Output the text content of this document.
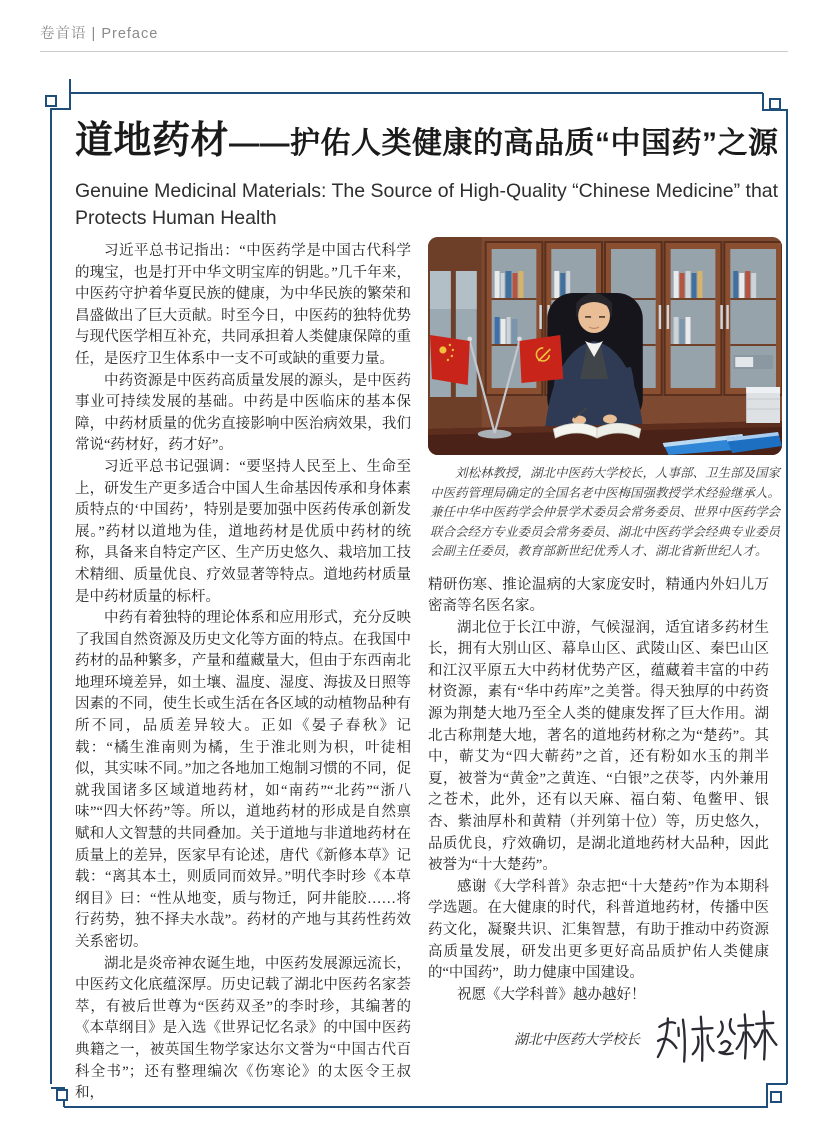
卷首语 | Preface
道地药材——护佑人类健康的高品质“中国药”之源
Genuine Medicinal Materials: The Source of High-Quality “Chinese Medicine” that Protects Human Health

习近平总书记指出：“中医药学是中国古代科学的瑰宝，也是打开中华文明宝库的钥匙。”几千年来，中医药守护着华夏民族的健康，为中华民族的繁荣和昌盛做出了巨大贡献。时至今日，中医药的独特优势与现代医学相互补充，共同承担着人类健康保障的重任，是医疗卫生体系中一支不可或缺的重要力量。

中药资源是中医药高质量发展的源头，是中医药事业可持续发展的基础。中药是中医临床的基本保障，中药材质量的优劣直接影响中医治病效果，我们常说“药材好，药才好”。

习近平总书记强调：“要坚持人民至上、生命至上，研发生产更多适合中国人生命基因传承和身体素质特点的‘中国药’，特别是要加强中医药传承创新发展。”药材以道地为佳，道地药材是优质中药材的统称，具备来自特定产区、生产历史悠久、栽培加工技术精细、质量优良、疗效显著等特点。道地药材质量是中药材质量的标杆。

中药有着独特的理论体系和应用形式，充分反映了我国自然资源及历史文化等方面的特点。在我国中药材的品种繁多，产量和蕴藏量大，但由于东西南北地理环境差异，如土壤、温度、湿度、海拔及日照等因素的不同，使生长或生活在各区域的动植物品种有所不同，品质差异较大。正如《晏子春秋》记载：“橘生淮南则为橘，生于淮北则为枳，叶徒相似，其实味不同。”加之各地加工炮制习惯的不同，促就我国诸多区域道地药材，如“南药”“北药”“浙八味”“四大怀药”等。所以，道地药材的形成是自然禀赋和人文智慧的共同叠加。关于道地与非道地药材在质量上的差异，医家早有论述，唐代《新修本草》记载：“离其本土，则质同而效异。”明代李时珍《本草纲目》曰：“性从地变，质与物迁，阿井能胶……将行药势，独不择夫水哉”。药材的产地与其药性药效关系密切。

湖北是炎帝神农诞生地，中医药发展源远流长，中医药文化底蕴深厚。历史记载了湖北中医药名家荟萃，有被后世尊为“医药双圣”的李时珍，其编著的《本草纲目》是入选《世界记忆名录》的中国中医药典籍之一，被英国生物学家达尔文誉为“中国古代百科全书”；还有整理编次《伤寒论》的太医令王叔和，

刘松林教授，湖北中医药大学校长，人事部、卫生部及国家中医药管理局确定的全国名老中医梅国强教授学术经验继承人。兼任中华中医药学会仲景学术委员会常务委员、世界中医药学会联合会经方专业委员会常务委员、湖北中医药学会经典专业委员会副主任委员，教育部新世纪优秀人才、湖北省新世纪人才。

精研伤寒、推论温病的大家庞安时，精通内外妇儿万密斋等名医名家。

湖北位于长江中游，气候湿润，适宜诸多药材生长，拥有大别山区、幕阜山区、武陵山区、秦巴山区和江汉平原五大中药材优势产区，蕴藏着丰富的中药材资源，素有“华中药库”之美誉。得天独厚的中药资源为荆楚大地乃至全人类的健康发挥了巨大作用。湖北古称荆楚大地，著名的道地药材称之为“楚药”。其中，蕲艾为“四大蕲药”之首，还有粉如水玉的荆半夏，被誉为“黄金”之黄连、“白银”之茯苓，内外兼用之苍术，此外，还有以天麻、福白菊、龟鳖甲、银杏、紫油厚朴和黄精（并列第十位）等，历史悠久，品质优良，疗效确切，是湖北道地药材大品种，因此被誉为“十大楚药”。

感谢《大学科普》杂志把“十大楚药”作为本期科学选题。在大健康的时代，科普道地药材，传播中医药文化，凝聚共识、汇集智慧，有助于推动中药资源高质量发展，研发出更多更好高品质护佑人类健康的“中国药”，助力健康中国建设。

祝愿《大学科普》越办越好！

湖北中医药大学校长
